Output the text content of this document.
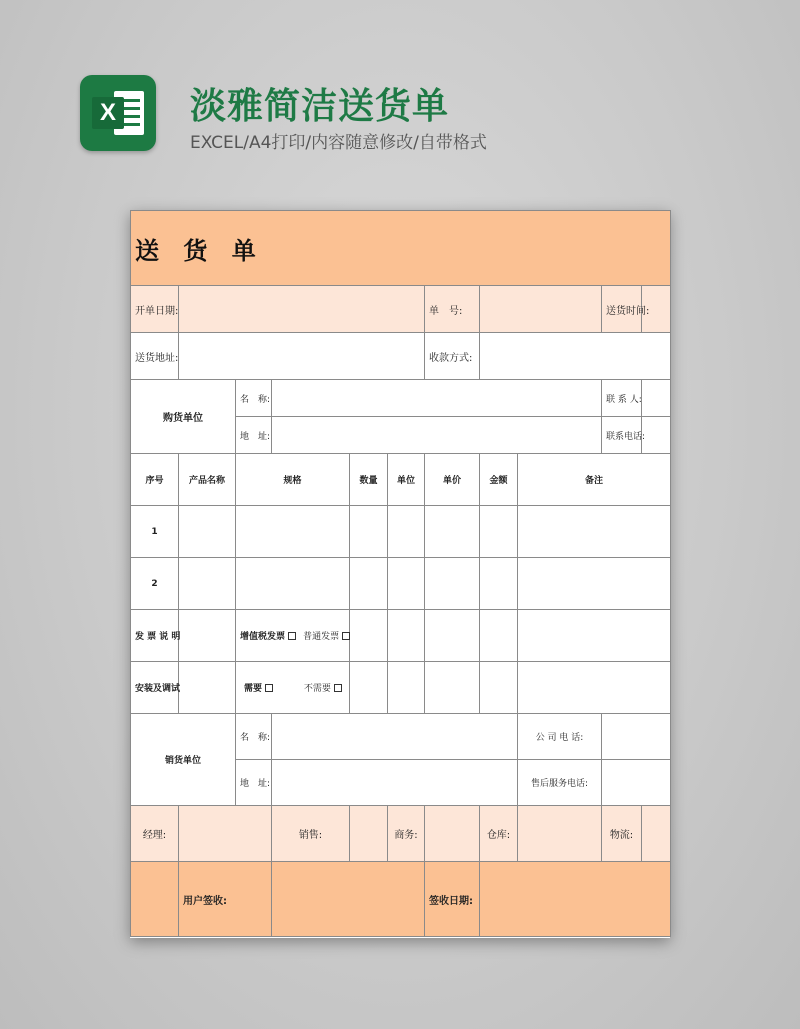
X 淡雅简洁送货单
EXCEL/A4打印/内容随意修改/自带格式
送 货 单										
开单日期:						单　号:			送货时间:	
送货地址:						收款方式:				
购货单位		名　称:							联 系 人:	
		地　址:							联系电话:	
序号	产品名称	规格		数量	单位	单价	金额	备注		
1										
2										
发 票 说 明		增值税发票 普通发票								
安装及调试		需要 不需要								
销货单位		名　称:						公 司 电 话:		
		地　址:						售后服务电话:		
经理:			销售:		商务:		仓库:		物流:	
	用户签收:					签收日期:				
